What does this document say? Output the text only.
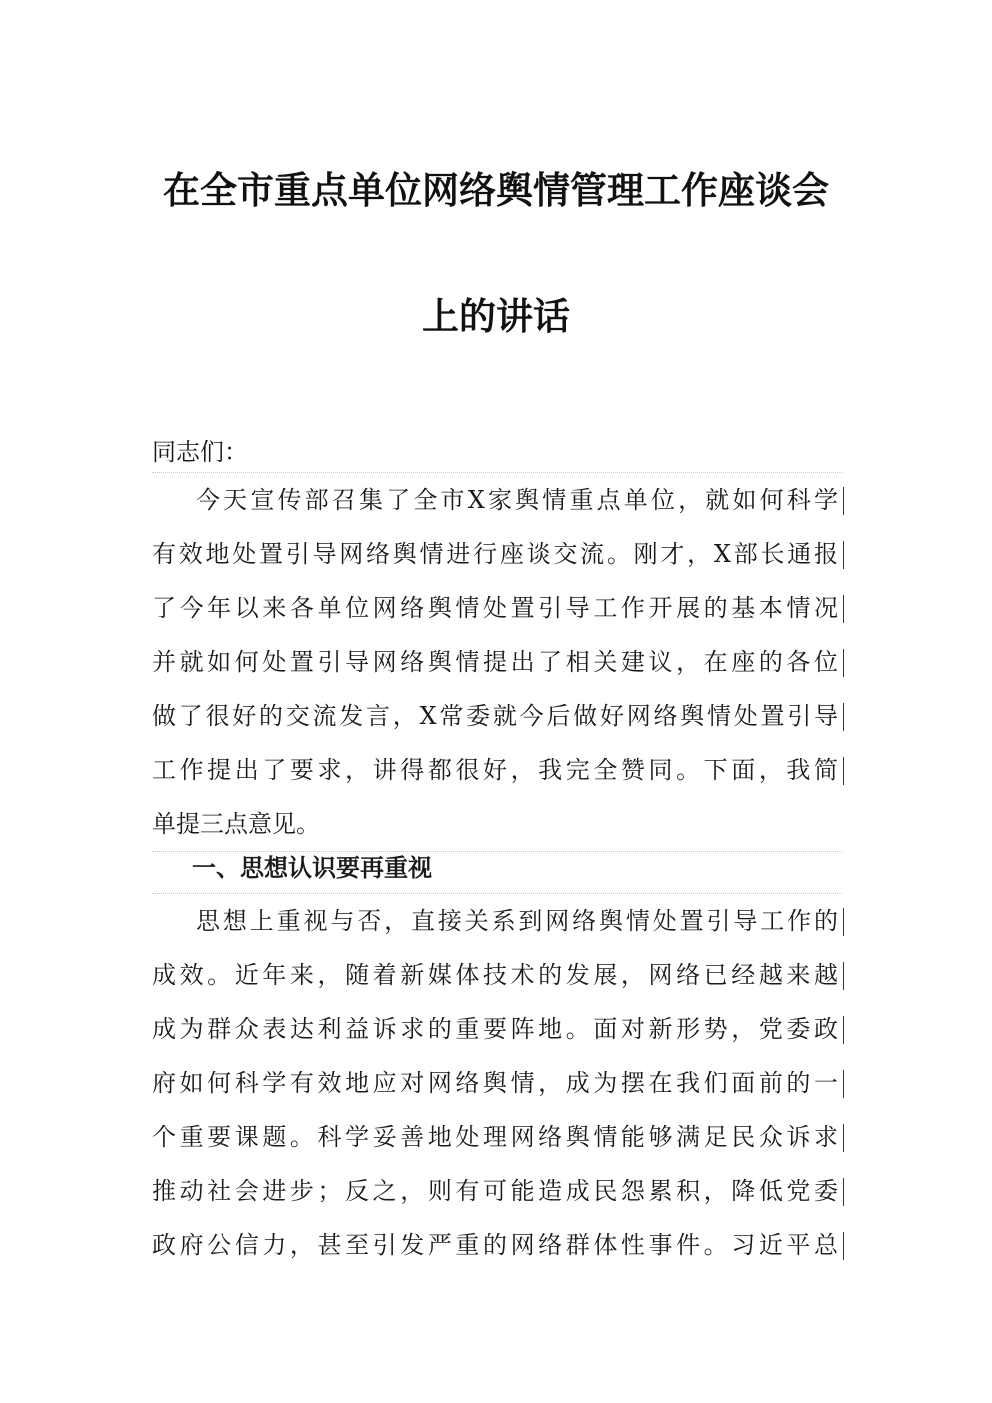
在全市重点单位网络舆情管理工作座谈会
上的讲话
同志们：
今天宣传部召集了全市X家舆情重点单位，就如何科学
有效地处置引导网络舆情进行座谈交流。刚才，X部长通报
了今年以来各单位网络舆情处置引导工作开展的基本情况
并就如何处置引导网络舆情提出了相关建议，在座的各位
做了很好的交流发言，X常委就今后做好网络舆情处置引导
工作提出了要求，讲得都很好，我完全赞同。下面，我简
单提三点意见。
一、思想认识要再重视
思想上重视与否，直接关系到网络舆情处置引导工作的
成效。近年来，随着新媒体技术的发展，网络已经越来越
成为群众表达利益诉求的重要阵地。面对新形势，党委政
府如何科学有效地应对网络舆情，成为摆在我们面前的一
个重要课题。科学妥善地处理网络舆情能够满足民众诉求
推动社会进步；反之，则有可能造成民怨累积，降低党委
政府公信力，甚至引发严重的网络群体性事件。习近平总
